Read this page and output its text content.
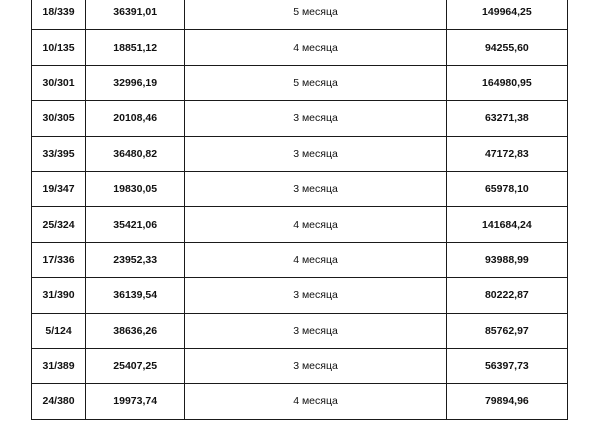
18/339	36391,01	5 месяца	149964,25
10/135	18851,12	4 месяца	94255,60
30/301	32996,19	5 месяца	164980,95
30/305	20108,46	3 месяца	63271,38
33/395	36480,82	3 месяца	47172,83
19/347	19830,05	3 месяца	65978,10
25/324	35421,06	4 месяца	141684,24
17/336	23952,33	4 месяца	93988,99
31/390	36139,54	3 месяца	80222,87
5/124	38636,26	3 месяца	85762,97
31/389	25407,25	3 месяца	56397,73
24/380	19973,74	4 месяца	79894,96
